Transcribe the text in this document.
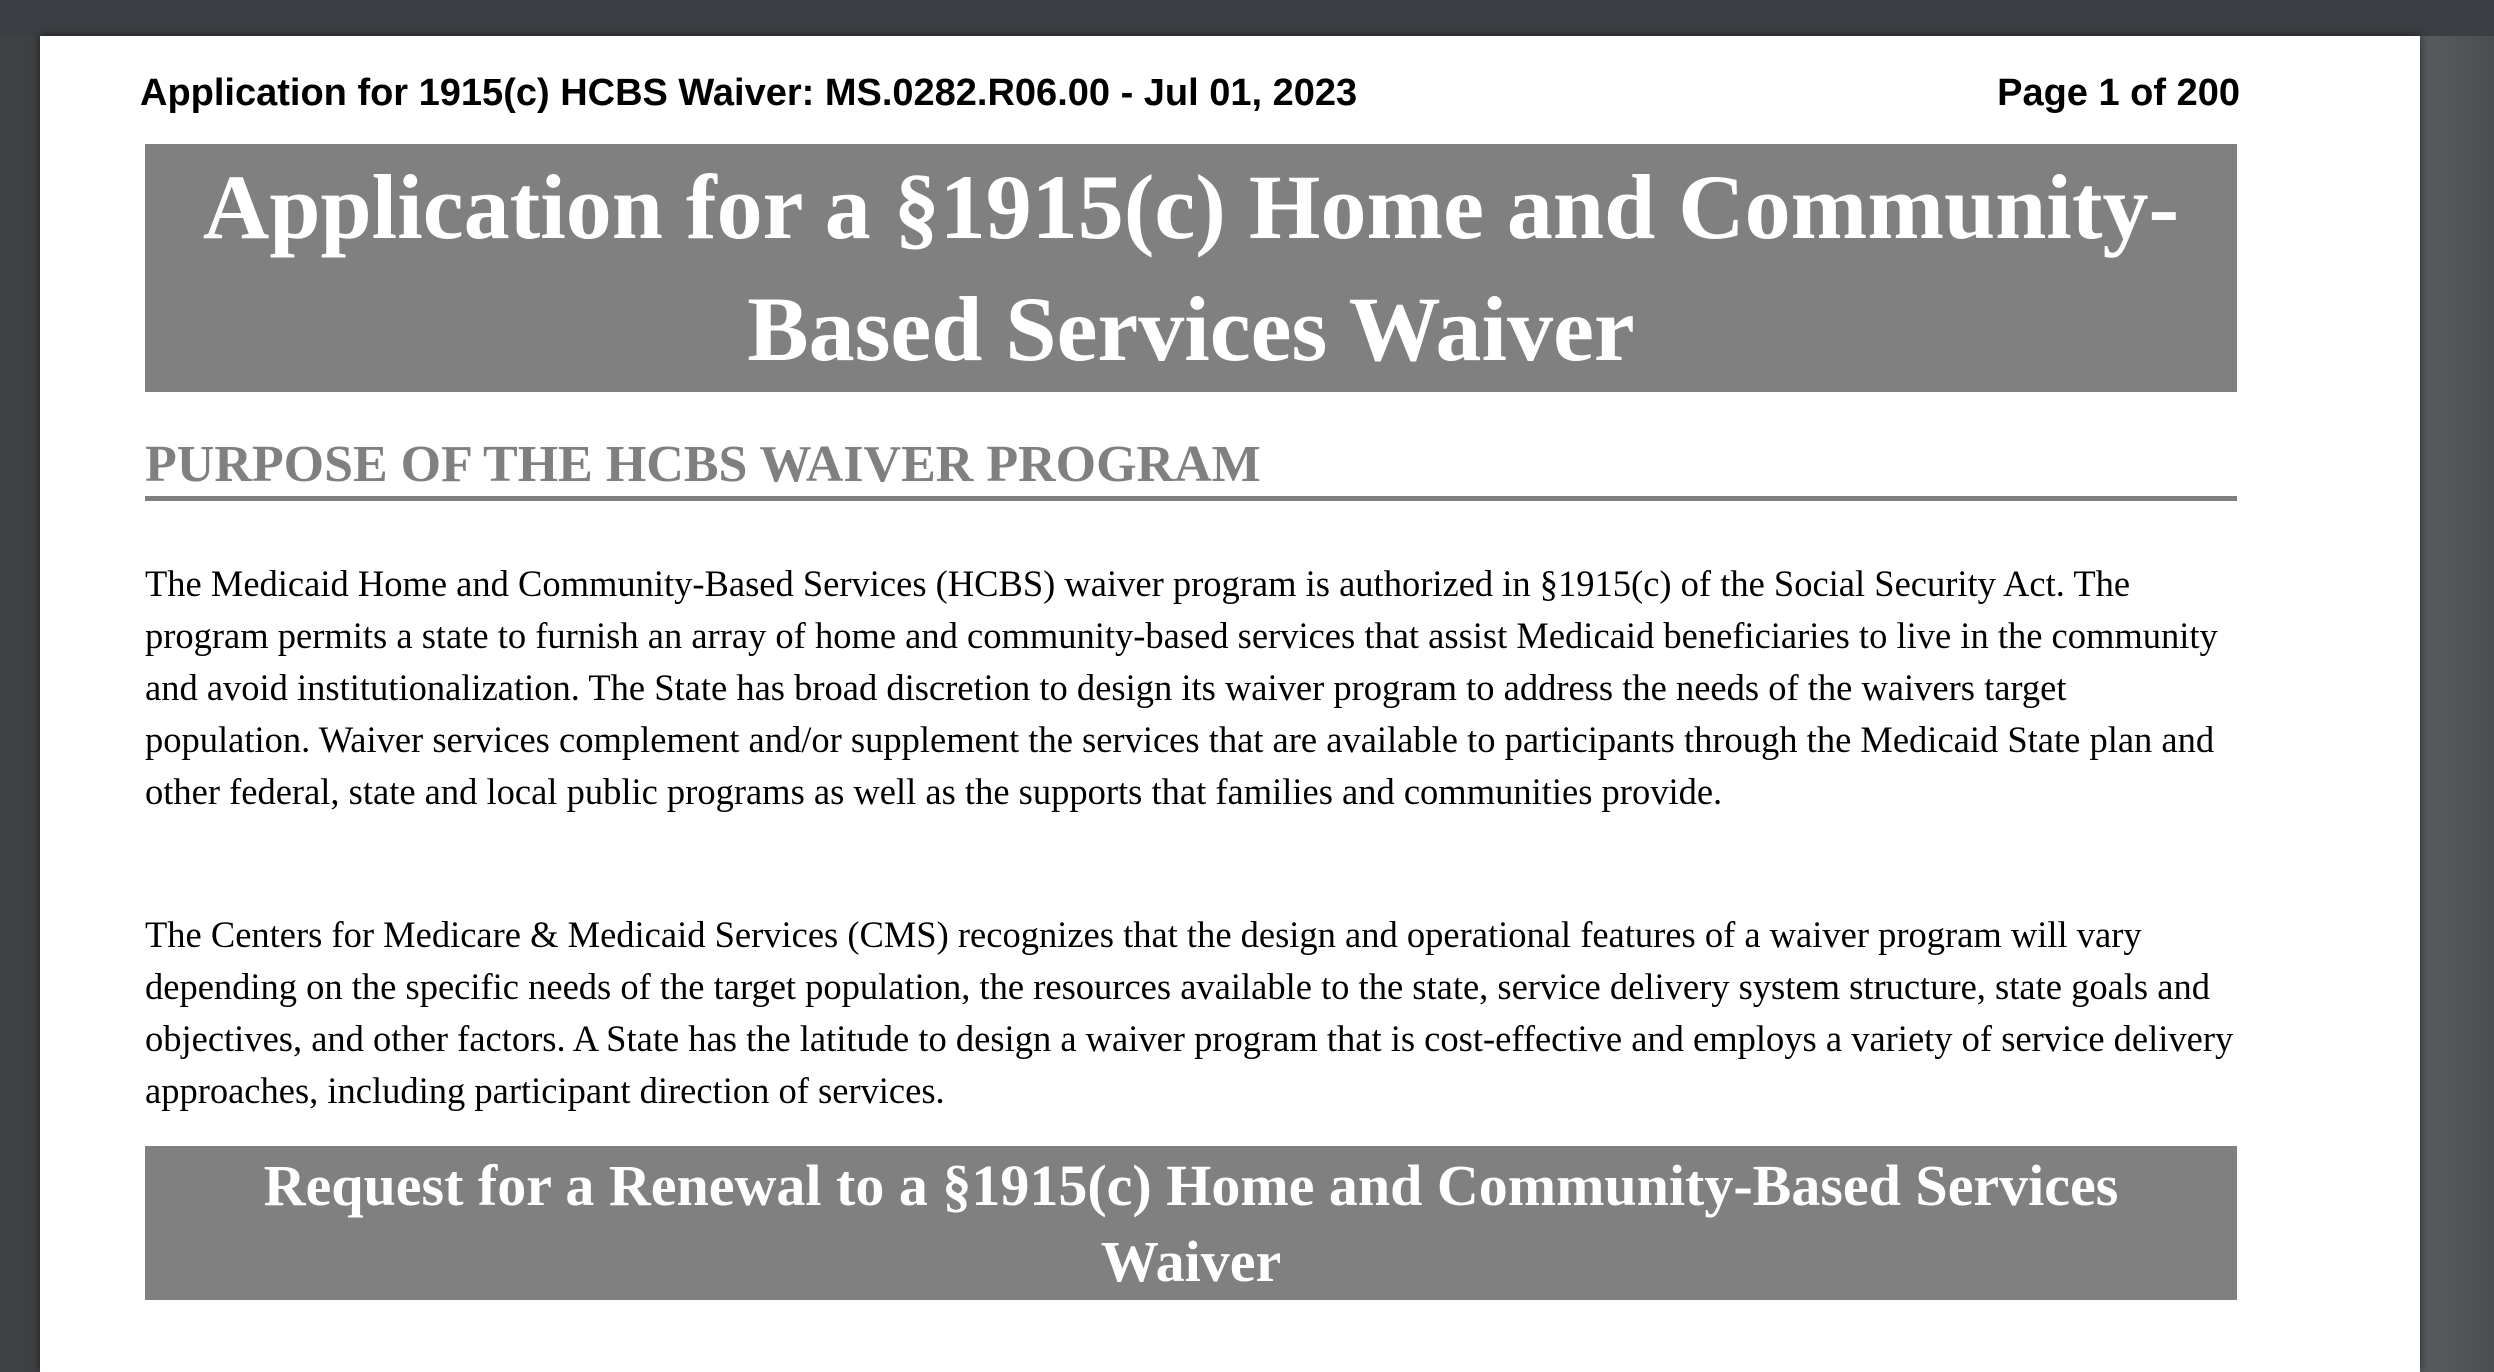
Application for 1915(c) HCBS Waiver: MS.0282.R06.00 - Jul 01, 2023	Page 1 of 200
Application for a §1915(c) Home and Community-Based Services Waiver
PURPOSE OF THE HCBS WAIVER PROGRAM

The Medicaid Home and Community-Based Services (HCBS) waiver program is authorized in §1915(c) of the Social Security Act. The program permits a state to furnish an array of home and community-based services that assist Medicaid beneficiaries to live in the community and avoid institutionalization. The State has broad discretion to design its waiver program to address the needs of the waivers target population. Waiver services complement and/or supplement the services that are available to participants through the Medicaid State plan and other federal, state and local public programs as well as the supports that families and communities provide.

The Centers for Medicare & Medicaid Services (CMS) recognizes that the design and operational features of a waiver program will vary depending on the specific needs of the target population, the resources available to the state, service delivery system structure, state goals and objectives, and other factors. A State has the latitude to design a waiver program that is cost-effective and employs a variety of service delivery approaches, including participant direction of services.

Request for a Renewal to a §1915(c) Home and Community-Based Services Waiver
